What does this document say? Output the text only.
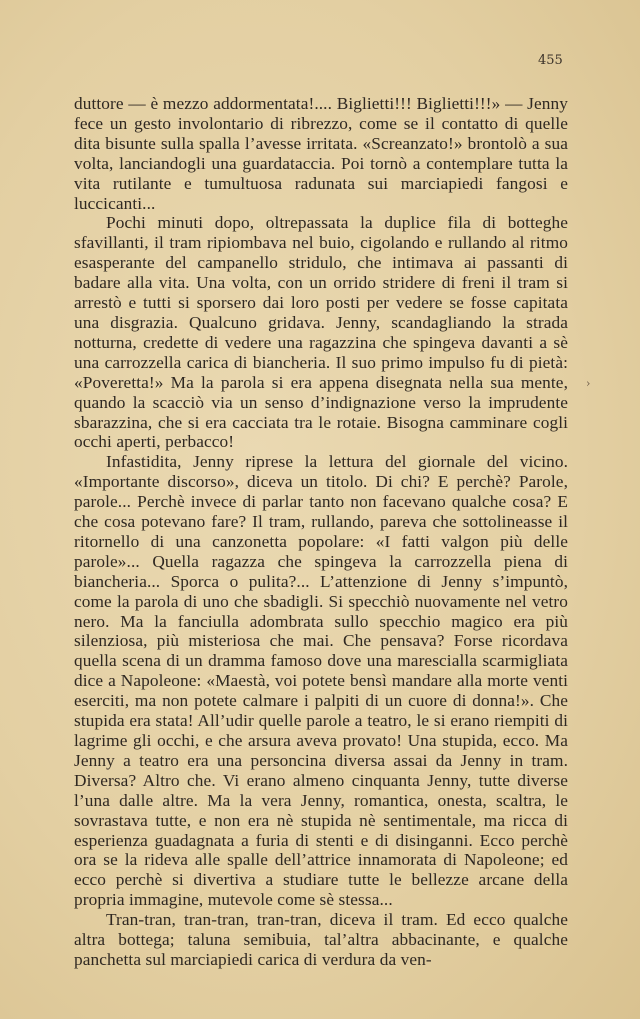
455

duttore — è mezzo addormentata!.... Biglietti!!! Biglietti!!!» — Jenny fece un gesto involontario di ribrezzo, come se il contatto di quelle dita bisunte sulla spalla l’avesse irritata. «Screanzato!» brontolò a sua volta, lanciandogli una guardataccia. Poi tornò a contemplare tutta la vita rutilante e tumultuosa radunata sui marciapiedi fangosi e luccicanti...

Pochi minuti dopo, oltrepassata la duplice fila di botteghe sfavillanti, il tram ripiombava nel buio, cigolando e rullando al ritmo esasperante del campanello stridulo, che intimava ai passanti di badare alla vita. Una volta, con un orrido stridere di freni il tram si arrestò e tutti si sporsero dai loro posti per vedere se fosse capitata una disgrazia. Qualcuno gridava. Jenny, scandagliando la strada notturna, credette di vedere una ragazzina che spingeva davanti a sè una carrozzella carica di biancheria. Il suo primo impulso fu di pietà: «Poveretta!» Ma la parola si era appena disegnata nella sua mente, quando la scacciò via un senso d’indignazione verso la imprudente sbarazzina, che si era cacciata tra le rotaie. Bisogna camminare cogli occhi aperti, perbacco!

Infastidita, Jenny riprese la lettura del giornale del vicino. «Importante discorso», diceva un titolo. Di chi? E perchè? Parole, parole... Perchè invece di parlar tanto non facevano qualche cosa? E che cosa potevano fare? Il tram, rullando, pareva che sottolineasse il ritornello di una canzonetta popolare: «I fatti valgon più delle parole»... Quella ragazza che spingeva la carrozzella piena di biancheria... Sporca o pulita?... L’attenzione di Jenny s’impuntò, come la parola di uno che sbadigli. Si specchiò nuovamente nel vetro nero. Ma la fanciulla adombrata sullo specchio magico era più silenziosa, più misteriosa che mai. Che pensava? Forse ricordava quella scena di un dramma famoso dove una marescialla scarmigliata dice a Napoleone: «Maestà, voi potete bensì mandare alla morte venti eserciti, ma non potete calmare i palpiti di un cuore di donna!». Che stupida era stata! All’udir quelle parole a teatro, le si erano riempiti di lagrime gli occhi, e che arsura aveva provato! Una stupida, ecco. Ma Jenny a teatro era una personcina diversa assai da Jenny in tram. Diversa? Altro che. Vi erano almeno cinquanta Jenny, tutte diverse l’una dalle altre. Ma la vera Jenny, romantica, onesta, scaltra, le sovrastava tutte, e non era nè stupida nè sentimentale, ma ricca di esperienza guadagnata a furia di stenti e di disinganni. Ecco perchè ora se la rideva alle spalle dell’attrice innamorata di Napoleone; ed ecco perchè si divertiva a studiare tutte le bellezze arcane della propria immagine, mutevole come sè stessa...

Tran-tran, tran-tran, tran-tran, diceva il tram. Ed ecco qualche altra bottega; taluna semibuia, tal’altra abbacinante, e qualche panchetta sul marciapiedi carica di verdura da ven-

›
